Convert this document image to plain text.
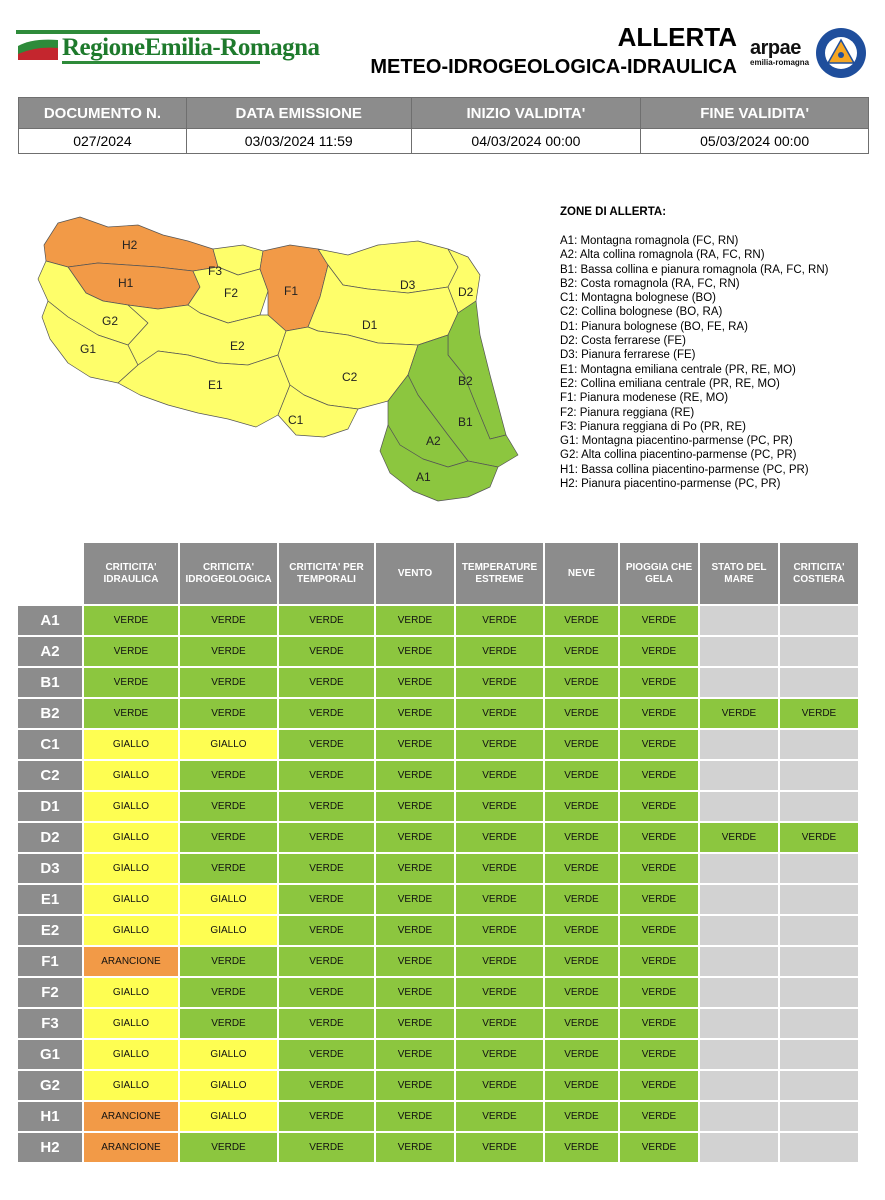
RegioneEmilia-Romagna	ALLERTA
METEO-IDROGEOLOGICA-IDRAULICA
arpae
emilia-romagna
DOCUMENTO N.	DATA EMISSIONE	INIZIO VALIDITA'	FINE VALIDITA'
027/2024	03/03/2024 11:59	04/03/2024 00:00	05/03/2024 00:00
H2
H1
F3
F2	F1	D3	D2
G2
G1
D1
E2
E1
C2
C1
B2
B1
A2
A1
ZONE DI ALLERTA:
A1: Montagna romagnola (FC, RN)
A2: Alta collina romagnola (RA, FC, RN)
B1: Bassa collina e pianura romagnola (RA, FC, RN)
B2: Costa romagnola (RA, FC, RN)
C1: Montagna bolognese (BO)
C2: Collina bolognese (BO, RA)
D1: Pianura bolognese (BO, FE, RA)
D2: Costa ferrarese (FE)
D3: Pianura ferrarese (FE)
E1: Montagna emiliana centrale (PR, RE, MO)
E2: Collina emiliana centrale (PR, RE, MO)
F1: Pianura modenese (RE, MO)
F2: Pianura reggiana (RE)
F3: Pianura reggiana di Po (PR, RE)
G1: Montagna piacentino-parmense (PC, PR)
G2: Alta collina piacentino-parmense (PC, PR)
H1: Bassa collina piacentino-parmense (PC, PR)
H2: Pianura piacentino-parmense (PC, PR)
	CRITICITA' IDRAULICA	CRITICITA' IDROGEOLOGICA	CRITICITA' PER TEMPORALI	VENTO	TEMPERATURE ESTREME	NEVE	PIOGGIA CHE GELA	STATO DEL MARE	CRITICITA' COSTIERA
A1	VERDE	VERDE	VERDE	VERDE	VERDE	VERDE	VERDE		
A2	VERDE	VERDE	VERDE	VERDE	VERDE	VERDE	VERDE		
B1	VERDE	VERDE	VERDE	VERDE	VERDE	VERDE	VERDE		
B2	VERDE	VERDE	VERDE	VERDE	VERDE	VERDE	VERDE	VERDE	VERDE
C1	GIALLO	GIALLO	VERDE	VERDE	VERDE	VERDE	VERDE		
C2	GIALLO	VERDE	VERDE	VERDE	VERDE	VERDE	VERDE		
D1	GIALLO	VERDE	VERDE	VERDE	VERDE	VERDE	VERDE		
D2	GIALLO	VERDE	VERDE	VERDE	VERDE	VERDE	VERDE	VERDE	VERDE
D3	GIALLO	VERDE	VERDE	VERDE	VERDE	VERDE	VERDE		
E1	GIALLO	GIALLO	VERDE	VERDE	VERDE	VERDE	VERDE		
E2	GIALLO	GIALLO	VERDE	VERDE	VERDE	VERDE	VERDE		
F1	ARANCIONE	VERDE	VERDE	VERDE	VERDE	VERDE	VERDE		
F2	GIALLO	VERDE	VERDE	VERDE	VERDE	VERDE	VERDE		
F3	GIALLO	VERDE	VERDE	VERDE	VERDE	VERDE	VERDE		
G1	GIALLO	GIALLO	VERDE	VERDE	VERDE	VERDE	VERDE		
G2	GIALLO	GIALLO	VERDE	VERDE	VERDE	VERDE	VERDE		
H1	ARANCIONE	GIALLO	VERDE	VERDE	VERDE	VERDE	VERDE		
H2	ARANCIONE	VERDE	VERDE	VERDE	VERDE	VERDE	VERDE		
